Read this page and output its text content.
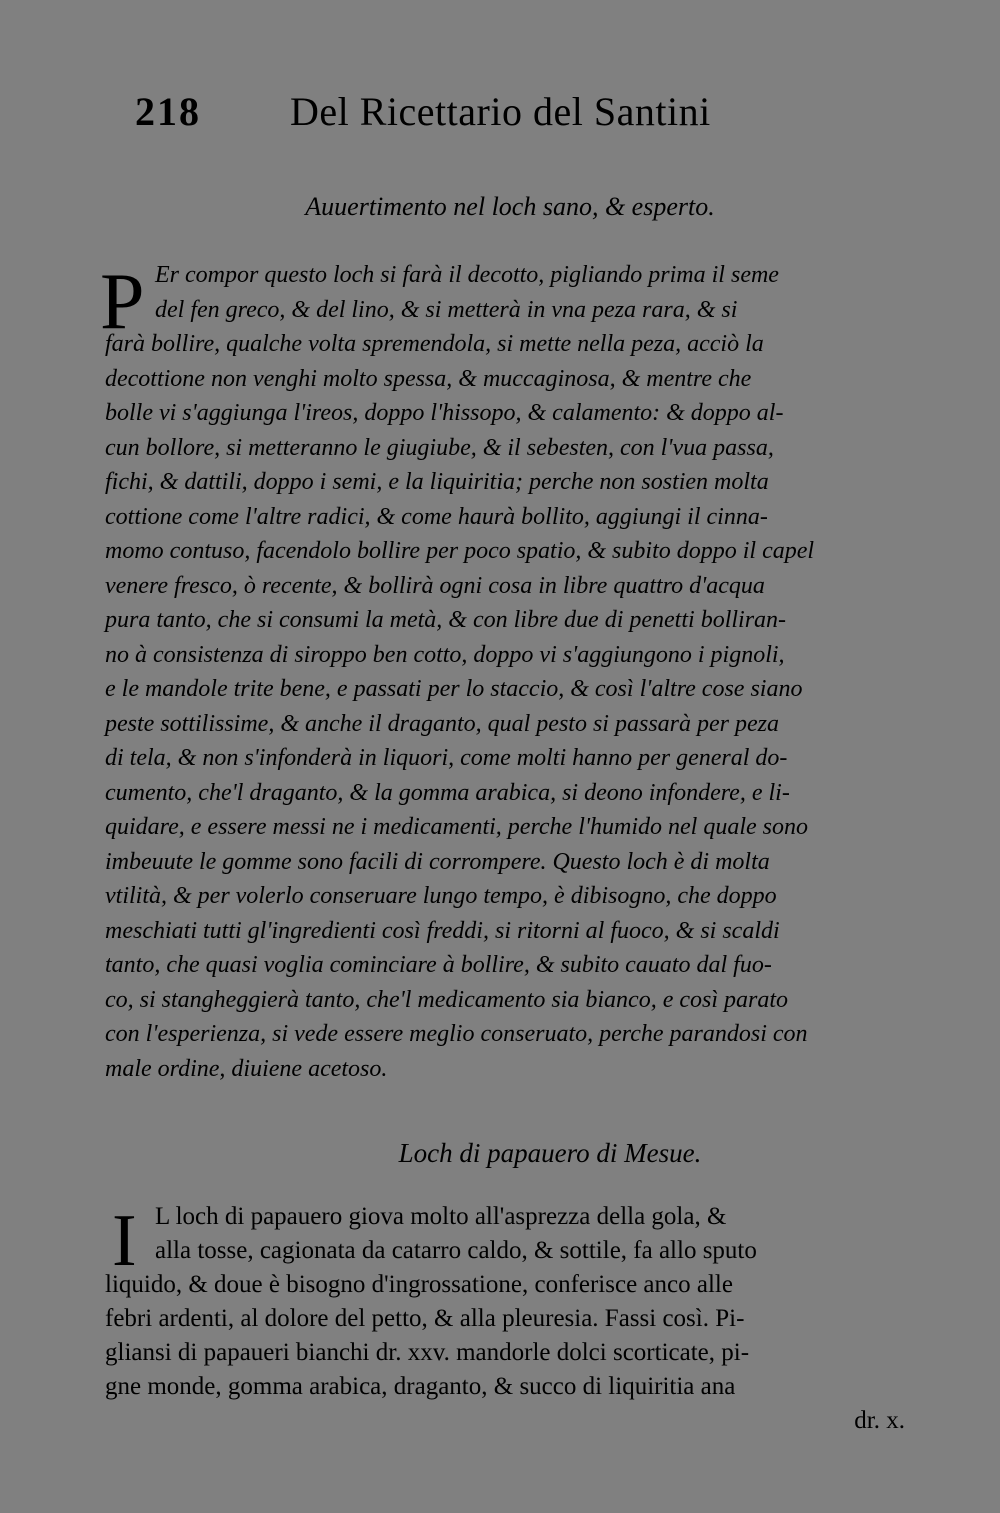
218 Del Ricettario del Santini
Auuertimento nel loch sano, & esperto.
P Er compor questo loch si farà il decotto, pigliando prima il seme
del fen greco, & del lino, & si metterà in vna peza rara, & si
farà bollire, qualche volta spremendola, si mette nella peza, acciò la
decottione non venghi molto spessa, & muccaginosa, & mentre che
bolle vi s'aggiunga l'ireos, doppo l'hissopo, & calamento: & doppo al-
cun bollore, si metteranno le giugiube, & il sebesten, con l'vua passa,
fichi, & dattili, doppo i semi, e la liquiritia; perche non sostien molta
cottione come l'altre radici, & come haurà bollito, aggiungi il cinna-
momo contuso, facendolo bollire per poco spatio, & subito doppo il capel
venere fresco, ò recente, & bollirà ogni cosa in libre quattro d'acqua
pura tanto, che si consumi la metà, & con libre due di penetti bolliran-
no à consistenza di siroppo ben cotto, doppo vi s'aggiungono i pignoli,
e le mandole trite bene, e passati per lo staccio, & così l'altre cose siano
peste sottilissime, & anche il draganto, qual pesto si passarà per peza
di tela, & non s'infonderà in liquori, come molti hanno per general do-
cumento, che'l draganto, & la gomma arabica, si deono infondere, e li-
quidare, e essere messi ne i medicamenti, perche l'humido nel quale sono
imbeuute le gomme sono facili di corrompere. Questo loch è di molta
vtilità, & per volerlo conseruare lungo tempo, è dibisogno, che doppo
meschiati tutti gl'ingredienti così freddi, si ritorni al fuoco, & si scaldi
tanto, che quasi voglia cominciare à bollire, & subito cauato dal fuo-
co, si stangheggierà tanto, che'l medicamento sia bianco, e così parato
con l'esperienza, si vede essere meglio conseruato, perche parandosi con
male ordine, diuiene acetoso.
Loch di papauero di Mesue.
I L loch di papauero giova molto all'asprezza della gola, &
alla tosse, cagionata da catarro caldo, & sottile, fa allo sputo
liquido, & doue è bisogno d'ingrossatione, conferisce anco alle
febri ardenti, al dolore del petto, & alla pleuresia. Fassi così. Pi-
gliansi di papaueri bianchi dr. xxv. mandorle dolci scorticate, pi-
gne monde, gomma arabica, draganto, & succo di liquiritia ana
dr. x.
